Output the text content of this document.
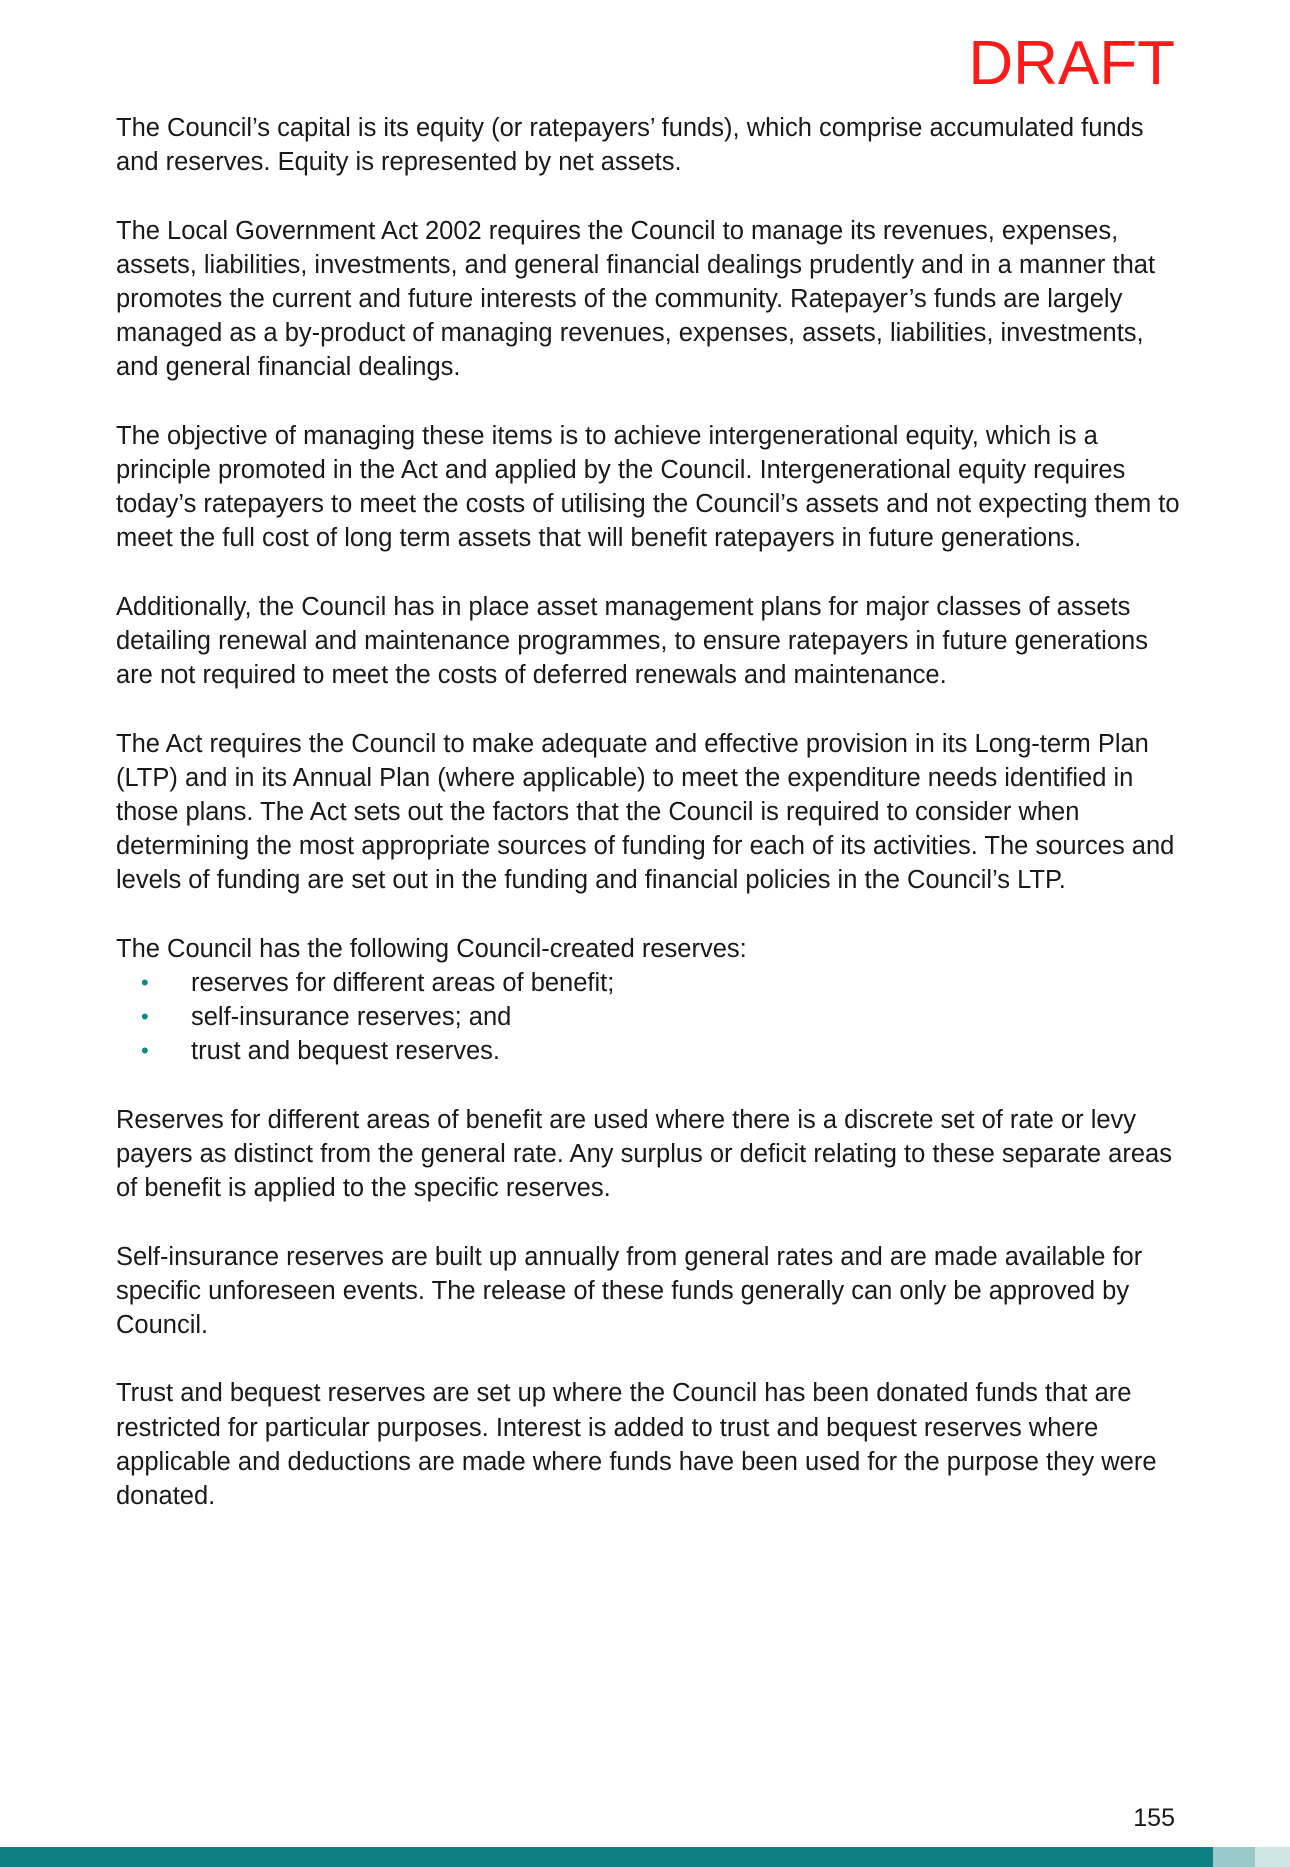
DRAFT

The Council’s capital is its equity (or ratepayers’ funds), which comprise accumulated funds and reserves. Equity is represented by net assets.

The Local Government Act 2002 requires the Council to manage its revenues, expenses, assets, liabilities, investments, and general financial dealings prudently and in a manner that promotes the current and future interests of the community. Ratepayer’s funds are largely managed as a by-product of managing revenues, expenses, assets, liabilities, investments, and general financial dealings.

The objective of managing these items is to achieve intergenerational equity, which is a principle promoted in the Act and applied by the Council. Intergenerational equity requires today’s ratepayers to meet the costs of utilising the Council’s assets and not expecting them to meet the full cost of long term assets that will benefit ratepayers in future generations.

Additionally, the Council has in place asset management plans for major classes of assets detailing renewal and maintenance programmes, to ensure ratepayers in future generations are not required to meet the costs of deferred renewals and maintenance.

The Act requires the Council to make adequate and effective provision in its Long-term Plan (LTP) and in its Annual Plan (where applicable) to meet the expenditure needs identified in those plans. The Act sets out the factors that the Council is required to consider when determining the most appropriate sources of funding for each of its activities. The sources and levels of funding are set out in the funding and financial policies in the Council’s LTP.

The Council has the following Council-created reserves:

• reserves for different areas of benefit;
• self-insurance reserves; and
• trust and bequest reserves.

Reserves for different areas of benefit are used where there is a discrete set of rate or levy payers as distinct from the general rate. Any surplus or deficit relating to these separate areas of benefit is applied to the specific reserves.

Self-insurance reserves are built up annually from general rates and are made available for specific unforeseen events. The release of these funds generally can only be approved by Council.

Trust and bequest reserves are set up where the Council has been donated funds that are restricted for particular purposes. Interest is added to trust and bequest reserves where applicable and deductions are made where funds have been used for the purpose they were donated.

155
